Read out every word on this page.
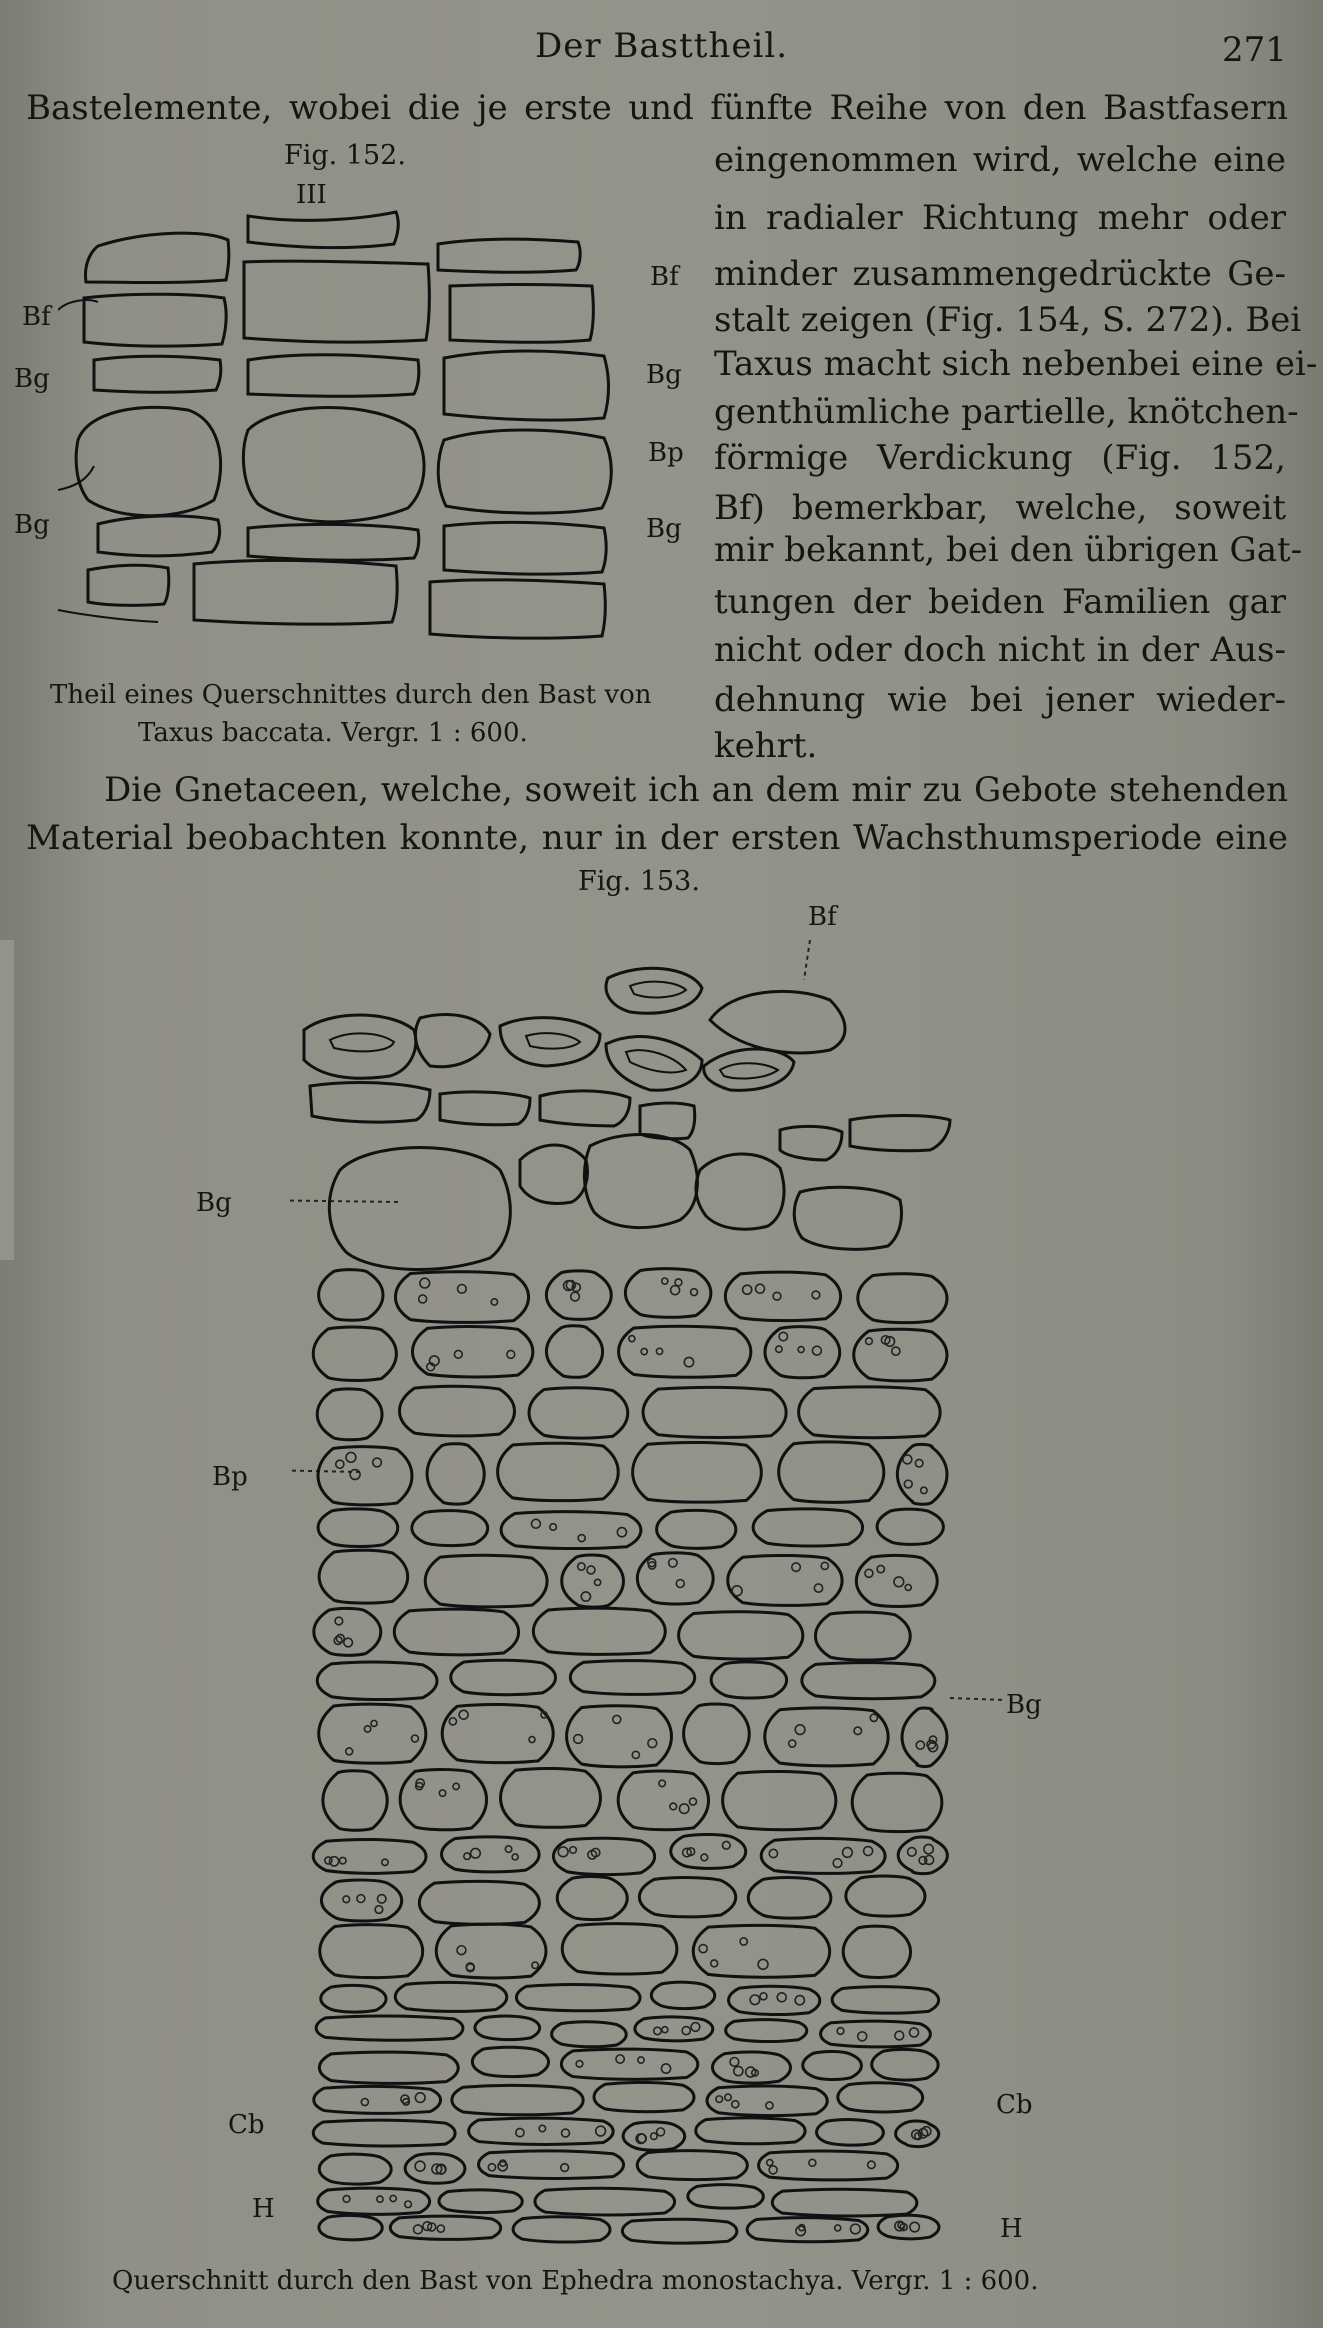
Der Basttheil.	271
Bastelemente, wobei die je erste und fünfte Reihe von den Bastfasern
Fig. 152.	eingenommen wird, welche eine
in radialer Richtung mehr oder
minder zusammengedrückte Ge-
stalt zeigen (Fig. 154, S. 272). Bei
Taxus macht sich nebenbei eine ei-
genthümliche partielle, knötchen-
förmige Verdickung (Fig. 152,
Bf) bemerkbar, welche, soweit
mir bekannt, bei den übrigen Gat-
tungen der beiden Familien gar
nicht oder doch nicht in der Aus-
dehnung wie bei jener wieder-
kehrt.
Theil eines Querschnittes durch den Bast von
Taxus baccata. Vergr. 1 : 600.
Die Gnetaceen, welche, soweit ich an dem mir zu Gebote stehenden
Material beobachten konnte, nur in der ersten Wachsthumsperiode eine
Fig. 153.
III
Bf
Bf
Bg	Bg
Bp
Bg	Bg
Bf
Bg
Bp
Bg
Cb
Cb
H
H
Querschnitt durch den Bast von Ephedra monostachya. Vergr. 1 : 600.
